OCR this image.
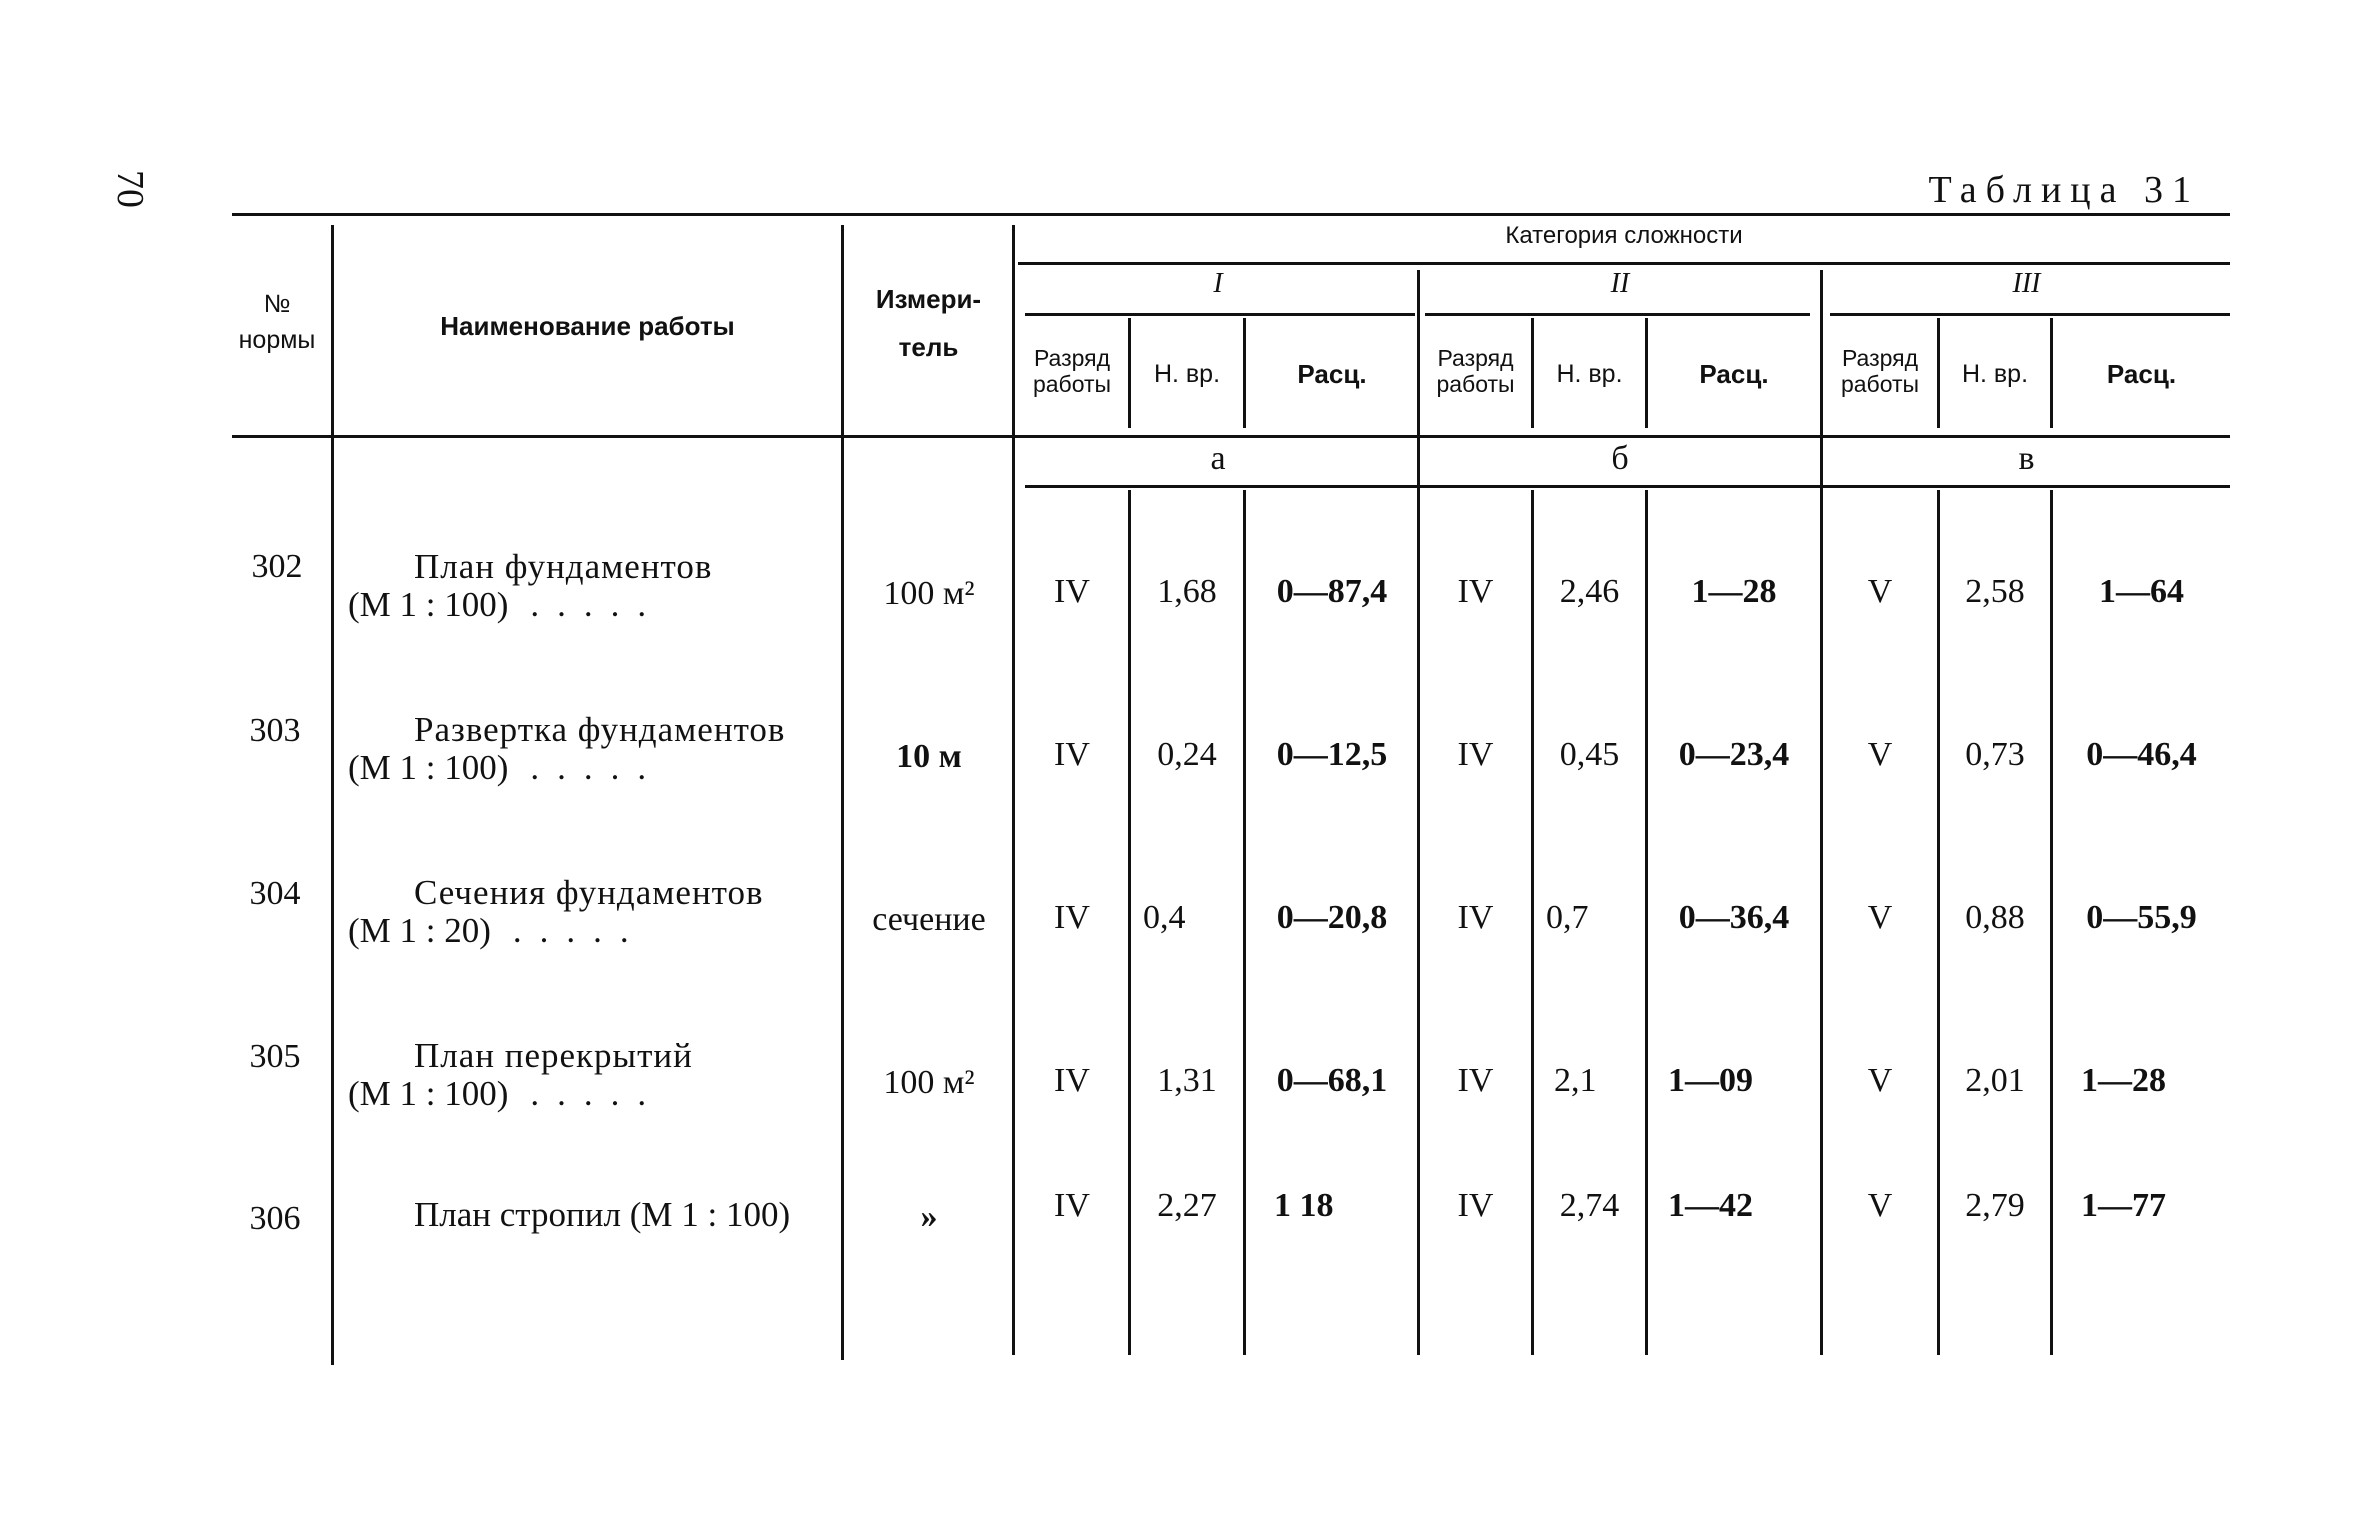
70	Таблица 31
№
нормы	Наименование работы
Измери-
тель
Категория сложности
I	II	III
Разряд
работы	Н. вр.	Расц.
Разряд
работы	Н. вр.	Расц.
Разряд
работы	Н. вр.	Расц.
а	б	в
302	План фундаментов
(М 1 : 100) .....	100 м²	IV	1,68	0—87,4	IV	2,46	1—28	V	2,58	1—64
303	Развертка фундаментов
(М 1 : 100) .....	10 м	IV	0,24	0—12,5	IV	0,45	0—23,4	V	0,73	0—46,4
304	Сечения фундаментов
(М 1 : 20) .....	сечение	IV	0,4	0—20,8	IV	0,7	0—36,4	V	0,88	0—55,9
305	План перекрытий
(М 1 : 100) .....	100 м²	IV	1,31	0—68,1	IV	2,1	1—09	V	2,01	1—28
306	План стропил (М 1 : 100)	»	IV	2,27	1 18	IV	2,74	1—42	V	2,79	1—77
